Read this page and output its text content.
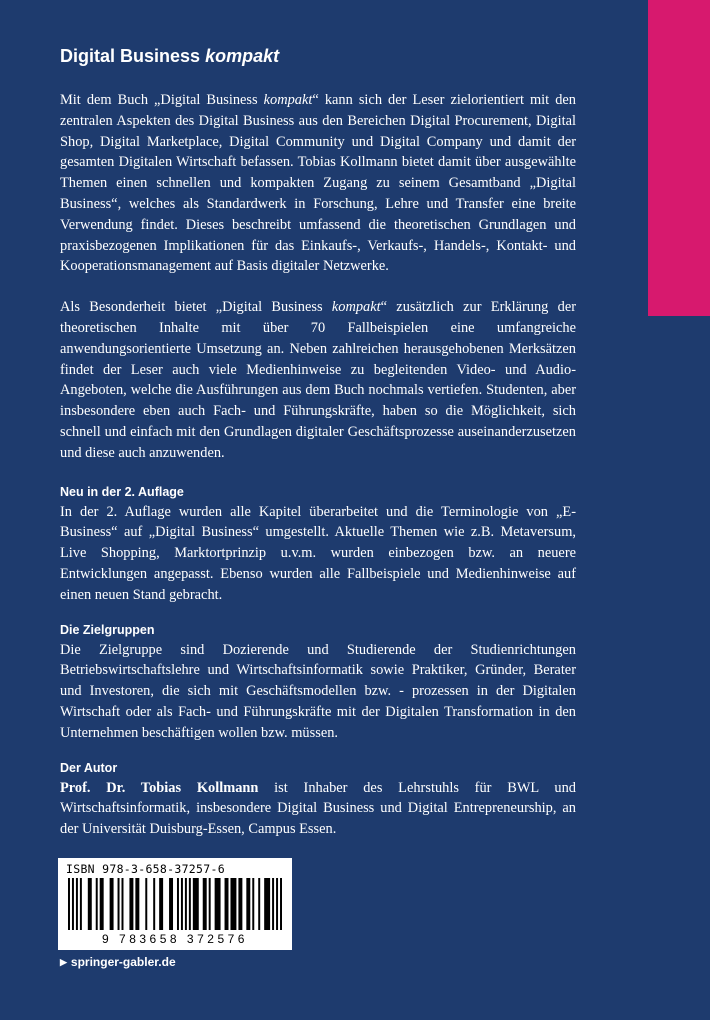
Digital Business kompakt

Mit dem Buch „Digital Business kompakt“ kann sich der Leser zielorientiert mit den zentralen Aspekten des Digital Business aus den Bereichen Digital Procurement, Digital Shop, Digital Marketplace, Digital Community und Digital Company und damit der gesamten Digitalen Wirtschaft befassen. Tobias Kollmann bietet damit über ausgewählte Themen einen schnellen und kompakten Zugang zu seinem Gesamtband „Digital Business“, welches als Standardwerk in Forschung, Lehre und Transfer eine breite Verwendung findet. Dieses beschreibt umfassend die theoretischen Grundlagen und praxisbezogenen Implikationen für das Einkaufs-, Verkaufs-, Handels-, Kontakt- und Kooperationsmanagement auf Basis digitaler Netzwerke.

Als Besonderheit bietet „Digital Business kompakt“ zusätzlich zur Erklärung der theoretischen Inhalte mit über 70 Fallbeispielen eine umfangreiche anwendungsorientierte Umsetzung an. Neben zahlreichen herausgehobenen Merksätzen findet der Leser auch viele Medienhinweise zu begleitenden Video- und Audio-Angeboten, welche die Ausführungen aus dem Buch nochmals vertiefen. Studenten, aber insbesondere eben auch Fach- und Führungskräfte, haben so die Möglichkeit, sich schnell und einfach mit den Grundlagen digitaler Geschäftsprozesse auseinanderzusetzen und diese auch anzuwenden.

Neu in der 2. Auflage

In der 2. Auflage wurden alle Kapitel überarbeitet und die Terminologie von „E-Business“ auf „Digital Business“ umgestellt. Aktuelle Themen wie z.B. Metaversum, Live Shopping, Marktortprinzip u.v.m. wurden einbezogen bzw. an neuere Entwicklungen angepasst. Ebenso wurden alle Fallbeispiele und Medienhinweise auf einen neuen Stand gebracht.

Die Zielgruppen

Die Zielgruppe sind Dozierende und Studierende der Studienrichtungen Betriebswirtschaftslehre und Wirtschaftsinformatik sowie Praktiker, Gründer, Berater und Investoren, die sich mit Geschäftsmodellen bzw. - prozessen in der Digitalen Wirtschaft oder als Fach- und Führungskräfte mit der Digitalen Transformation in den Unternehmen beschäftigen wollen bzw. müssen.

Der Autor

Prof. Dr. Tobias Kollmann ist Inhaber des Lehrstuhls für BWL und Wirtschaftsinformatik, insbesondere Digital Business und Digital Entrepreneurship, an der Universität Duisburg-Essen, Campus Essen.

ISBN 978-3-658-37257-6
9 783658 372576
▶ springer-gabler.de
